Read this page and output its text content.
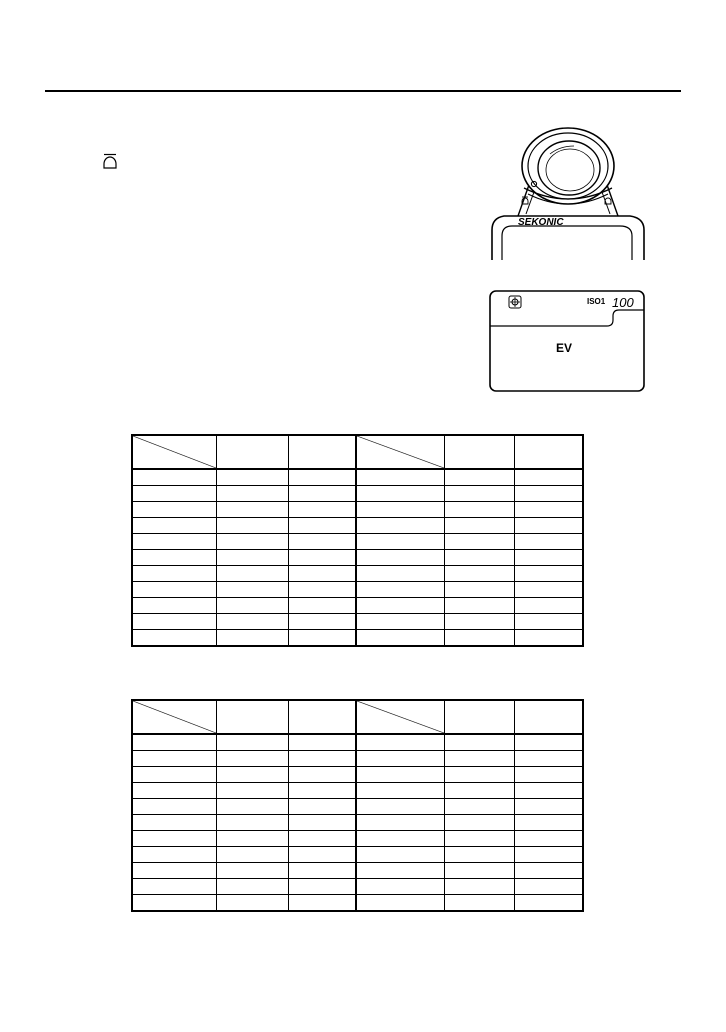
SEKONIC
ISO1 100
EV
